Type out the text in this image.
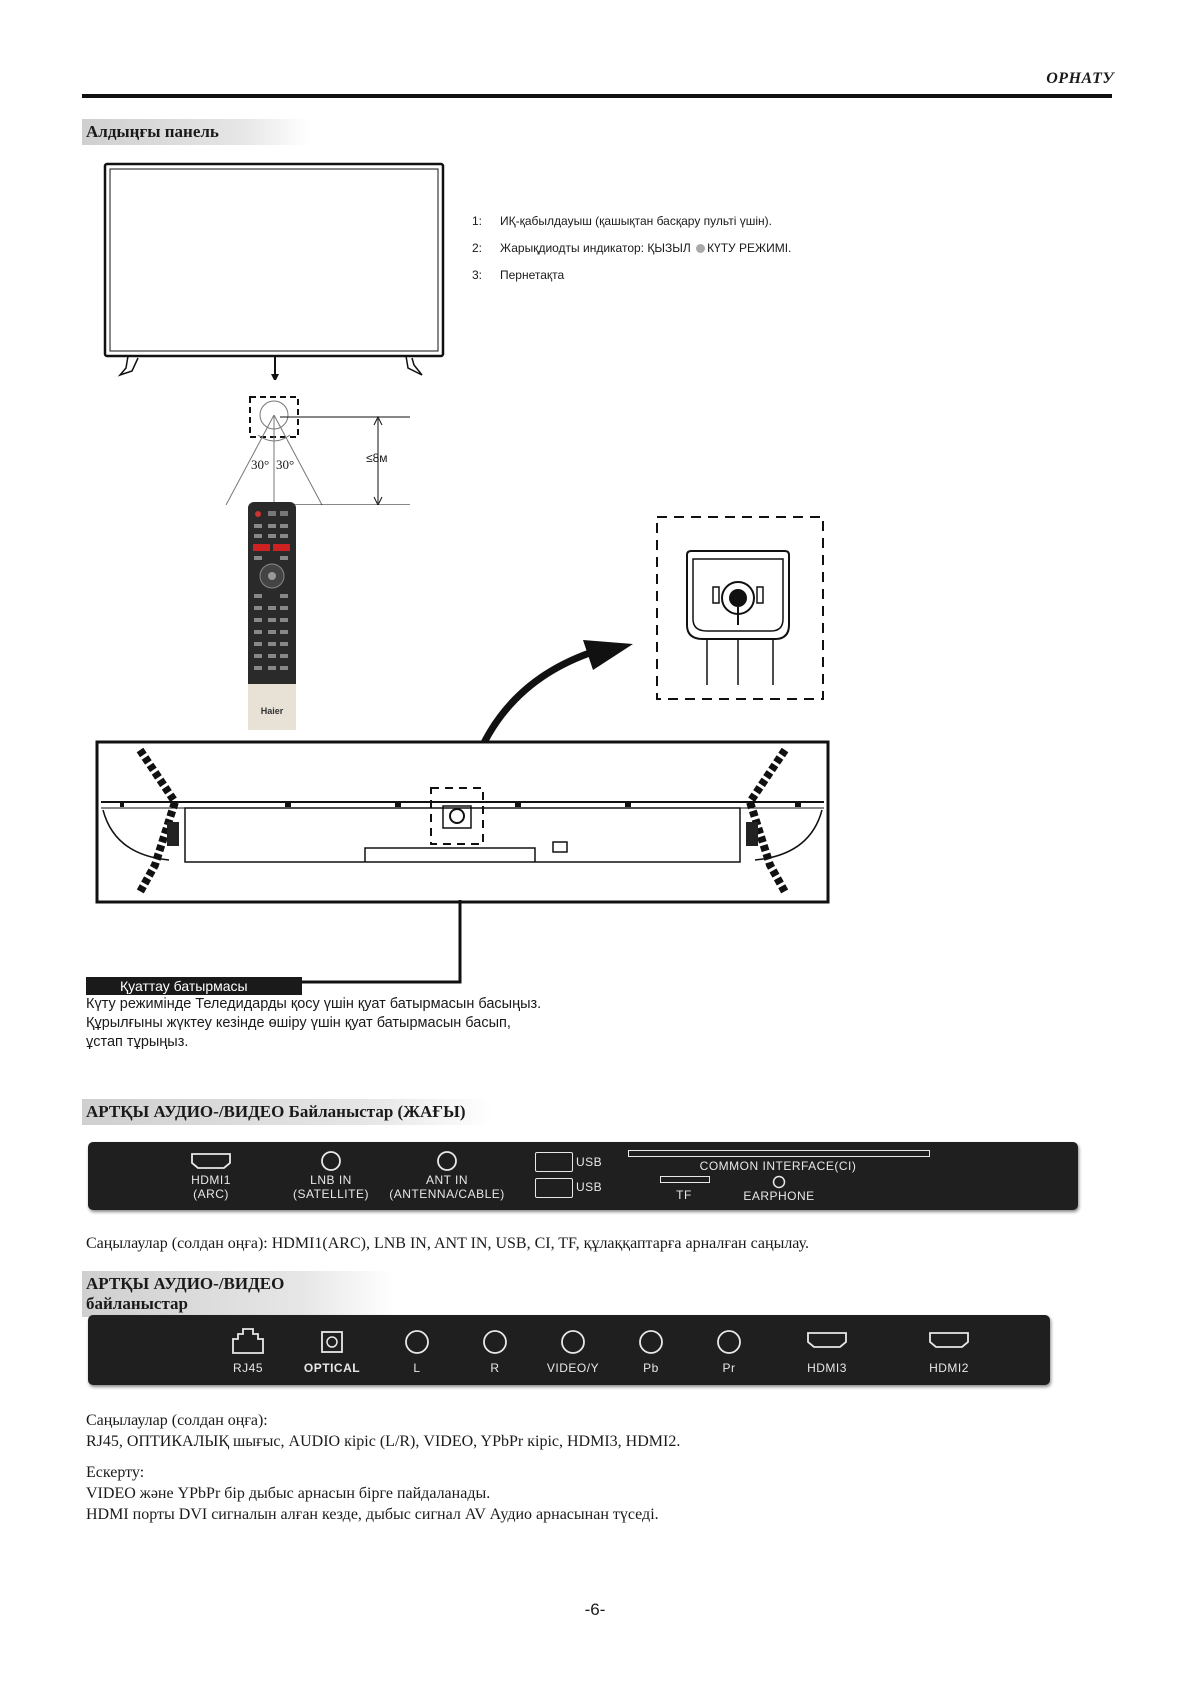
ОРНАТУ
Алдыңғы панель
1: ИҚ-қабылдауыш (қашықтан басқару пульті үшін).
2: Жарықдиодты индикатор: ҚЫЗЫЛ КҮТУ РЕЖИМІ.
3: Пернетақта
30° 30°	≤8м
Haier
Қуаттау батырмасы
Күту режимінде Теледидарды қосу үшін қуат батырмасын басыңыз.
Құрылғыны жүктеу кезінде өшіру үшін қуат батырмасын басып,
ұстап тұрыңыз.
АРТҚЫ АУДИО-/ВИДЕО Байланыстар (ЖАҒЫ)
HDMI1
(ARC)
LNB IN
(SATELLITE)
ANT IN
(ANTENNA/CABLE)
USB
USB
COMMON INTERFACE(CI)
TF	EARPHONE
Саңылаулар (солдан оңға): HDMI1(ARC), LNB IN, ANT IN, USB, CI, TF, құлаққаптарға арналған саңылау.
АРТҚЫ АУДИО-/ВИДЕО байланыстар
RJ45	OPTICAL	L	R	VIDEO/Y	Pb	Pr	HDMI3	HDMI2
Саңылаулар (солдан оңға):
RJ45, ОПТИКАЛЫҚ шығыс, AUDIO кіріс (L/R), VIDEO, YPbPr кіріс, HDMI3, HDMI2.
Ескерту:
VIDEO және YPbPr бір дыбыс арнасын бірге пайдаланады.
HDMI порты DVI сигналын алған кезде, дыбыс сигнал AV Аудио арнасынан түседі.
-6-
